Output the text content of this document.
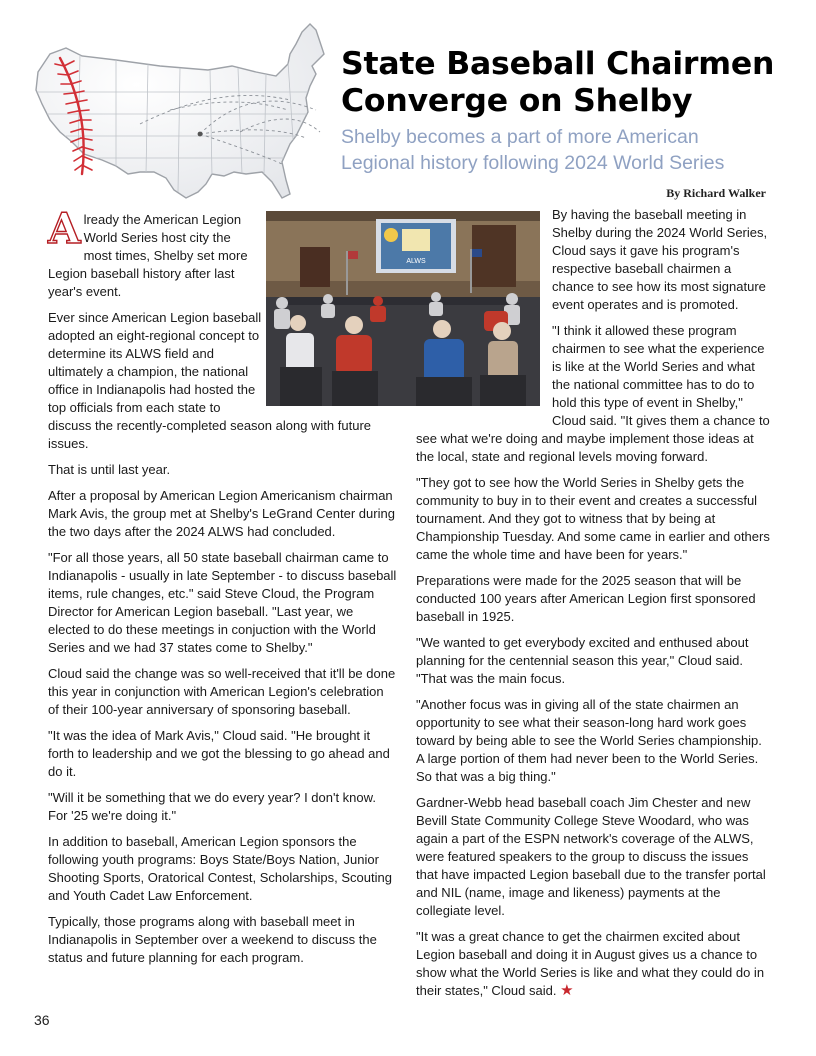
State Baseball Chairmen
Converge on Shelby

Shelby becomes a part of more American
Legional history following 2024 World Series

By Richard Walker

ALWS

Already the American Legion World Series host city the most times, Shelby set more Legion baseball history after last year's event.

Ever since American Legion baseball adopted an eight-regional concept to determine its ALWS field and ultimately a champion, the national office in Indianapolis had hosted the top officials from each state to discuss the recently-completed season along with future issues.

That is until last year.

After a proposal by American Legion Americanism chairman Mark Avis, the group met at Shelby's LeGrand Center during the two days after the 2024 ALWS had concluded.

"For all those years, all 50 state baseball chairman came to Indianapolis - usually in late September - to discuss baseball items, rule changes, etc." said Steve Cloud, the Program Director for American Legion baseball. "Last year, we elected to do these meetings in conjuction with the World Series and we had 37 states come to Shelby."

Cloud said the change was so well-received that it'll be done this year in conjunction with American Legion's celebration of their 100-year anniversary of sponsoring baseball.

"It was the idea of Mark Avis," Cloud said. "He brought it forth to leadership and we got the blessing to go ahead and do it.

"Will it be something that we do every year? I don't know. For '25 we're doing it."

In addition to baseball, American Legion sponsors the following youth programs: Boys State/Boys Nation, Junior Shooting Sports, Oratorical Contest, Scholarships, Scouting and Youth Cadet Law Enforcement.

Typically, those programs along with baseball meet in Indianapolis in September over a weekend to discuss the status and future planning for each program.

By having the baseball meeting in Shelby during the 2024 World Series, Cloud says it gave his program's respective baseball chairmen a chance to see how its most signature event operates and is promoted.

"I think it allowed these program chairmen to see what the experience is like at the World Series and what the national committee has to do to hold this type of event in Shelby," Cloud said. "It gives them a chance to see what we're doing and maybe implement those ideas at the local, state and regional levels moving forward.

"They got to see how the World Series in Shelby gets the community to buy in to their event and creates a successful tournament. And they got to witness that by being at Championship Tuesday. And some came in earlier and others came the whole time and have been for years."

Preparations were made for the 2025 season that will be conducted 100 years after American Legion first sponsored baseball in 1925.

"We wanted to get everybody excited and enthused about planning for the centennial season this year," Cloud said. "That was the main focus.

"Another focus was in giving all of the state chairmen an opportunity to see what their season-long hard work goes toward by being able to see the World Series championship. A large portion of them had never been to the World Series. So that was a big thing."

Gardner-Webb head baseball coach Jim Chester and new Bevill State Community College Steve Woodard, who was again a part of the ESPN network's coverage of the ALWS, were featured speakers to the group to discuss the issues that have impacted Legion baseball due to the transfer portal and NIL (name, image and likeness) payments at the collegiate level.

"It was a great chance to get the chairmen excited about Legion baseball and doing it in August gives us a chance to show what the World Series is like and what they could do in their states," Cloud said. ★

36
